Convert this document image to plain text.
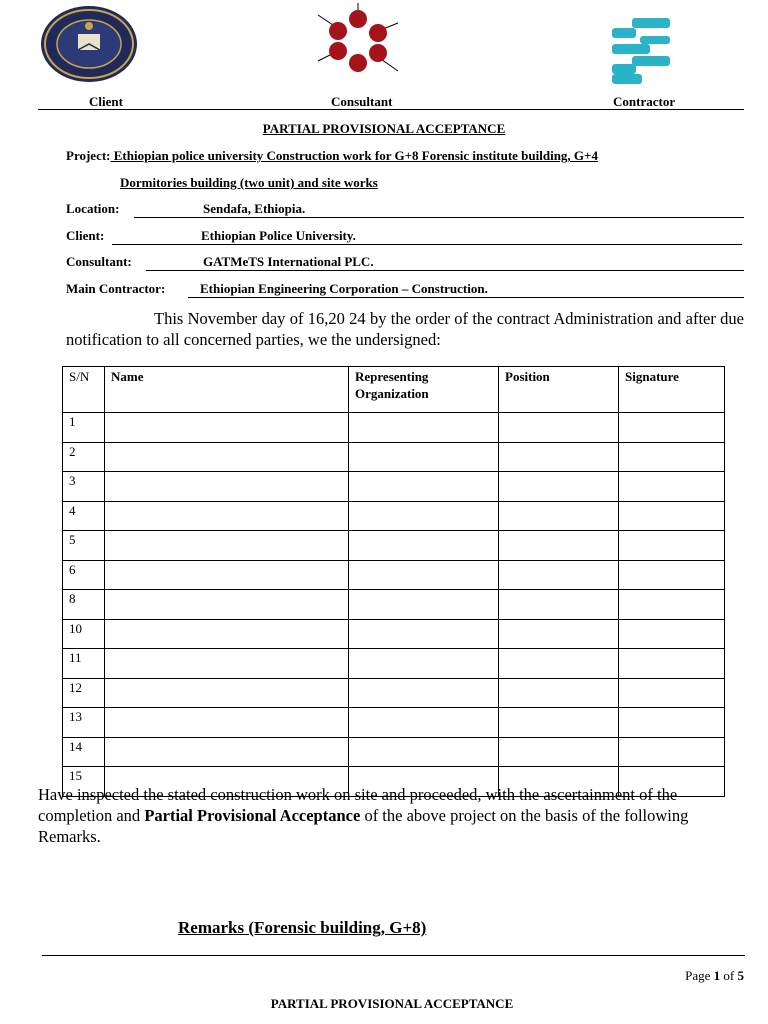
Client	Consultant	Contractor
PARTIAL PROVISIONAL ACCEPTANCE
Project: Ethiopian police university Construction work for G+8 Forensic institute building, G+4
Dormitories building (two unit) and site works
Location:	Sendafa, Ethiopia.
Client:	Ethiopian Police University.
Consultant:	GATMeTS International PLC.
Main Contractor:	Ethiopian Engineering Corporation – Construction.
This November day of 16,20 24 by the order of the contract Administration and after due notification to all concerned parties, we the undersigned:
S/N	Name	Representing Organization	Position	Signature
1				
2				
3				
4				
5				
6				
8				
10				
11				
12				
13				
14				
15				
Have inspected the stated construction work on site and proceeded, with the ascertainment of the completion and Partial Provisional Acceptance of the above project on the basis of the following Remarks.
Remarks (Forensic building, G+8)
Page 1 of 5
PARTIAL PROVISIONAL ACCEPTANCE
